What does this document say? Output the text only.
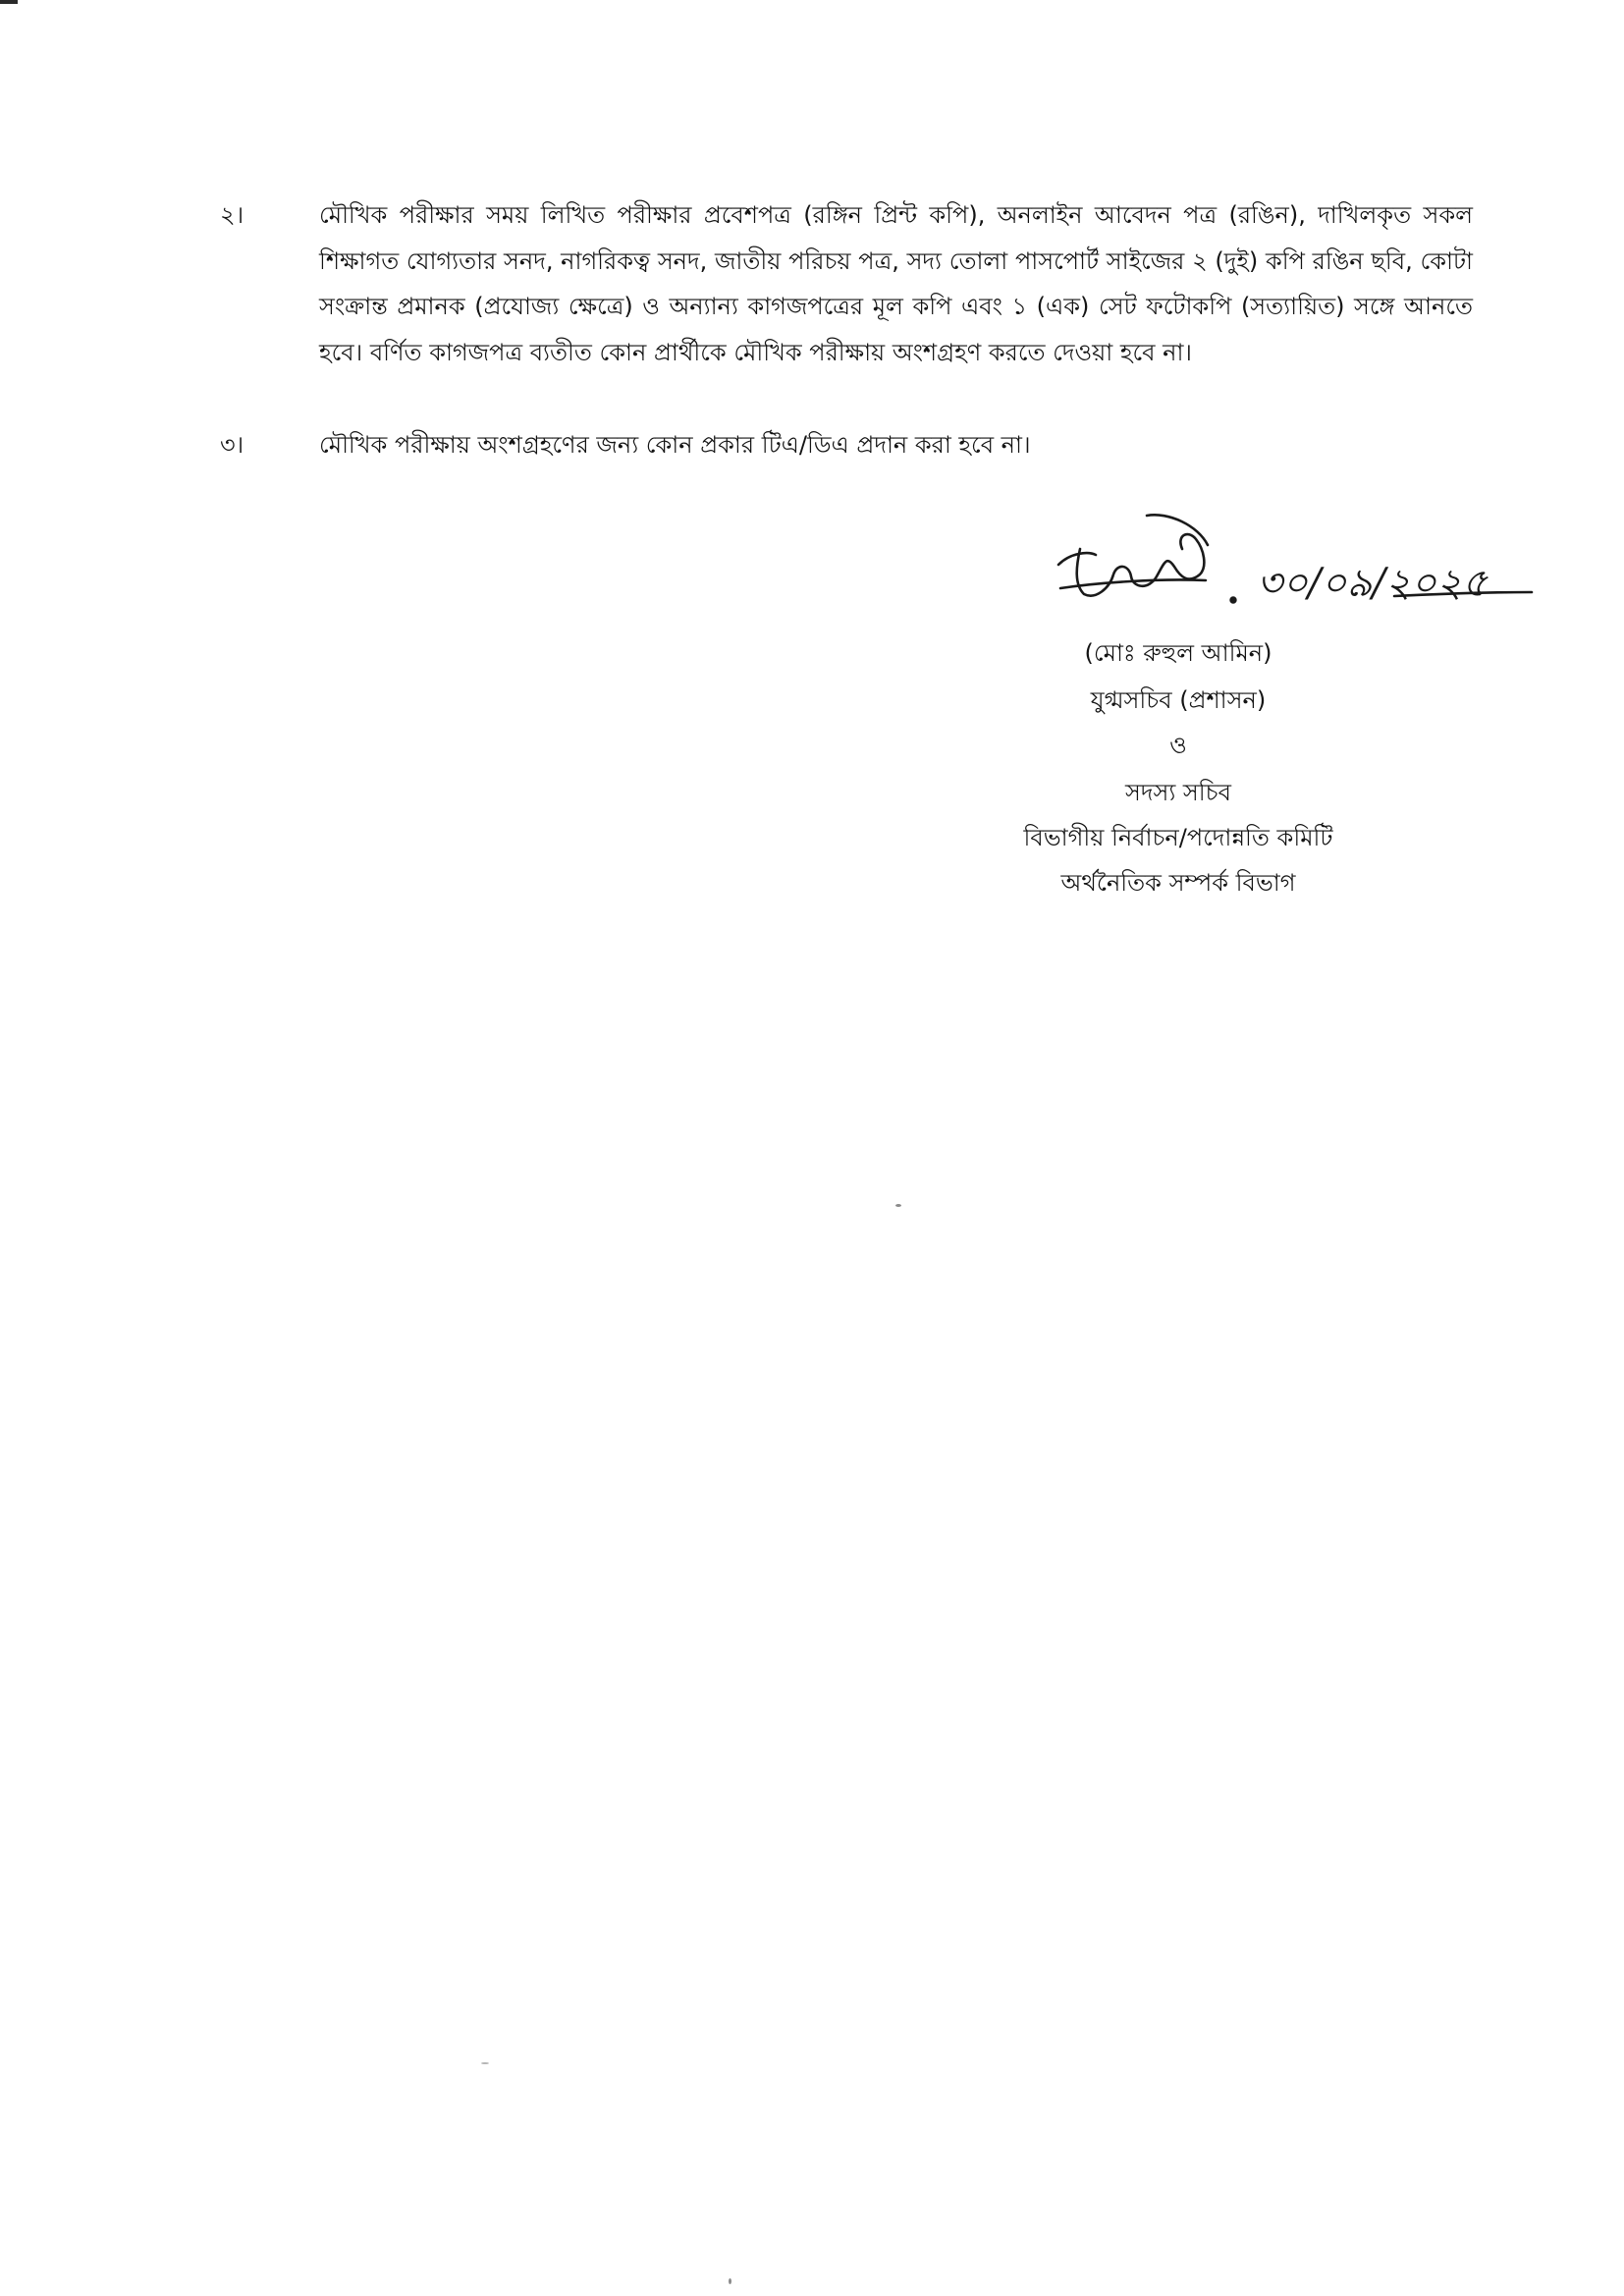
২।	মৌখিক পরীক্ষার সময় লিখিত পরীক্ষার প্রবেশপত্র (রঙ্গিন প্রিন্ট কপি), অনলাইন আবেদন পত্র (রঙিন), দাখিলকৃত সকল শিক্ষাগত যোগ্যতার সনদ, নাগরিকত্ব সনদ, জাতীয় পরিচয় পত্র, সদ্য তোলা পাসপোর্ট সাইজের ২ (দুই) কপি রঙিন ছবি, কোটা সংক্রান্ত প্রমানক (প্রযোজ্য ক্ষেত্রে) ও অন্যান্য কাগজপত্রের মূল কপি এবং ১ (এক) সেট ফটোকপি (সত্যায়িত) সঙ্গে আনতে হবে। বর্ণিত কাগজপত্র ব্যতীত কোন প্রার্থীকে মৌখিক পরীক্ষায় অংশগ্রহণ করতে দেওয়া হবে না।
৩।	মৌখিক পরীক্ষায় অংশগ্রহণের জন্য কোন প্রকার টিএ/ডিএ প্রদান করা হবে না।
৩০/০৯/২০২৫
(মোঃ রুহুল আমিন)
যুগ্মসচিব (প্রশাসন)
ও
সদস্য সচিব
বিভাগীয় নির্বাচন/পদোন্নতি কমিটি
অর্থনৈতিক সম্পর্ক বিভাগ
